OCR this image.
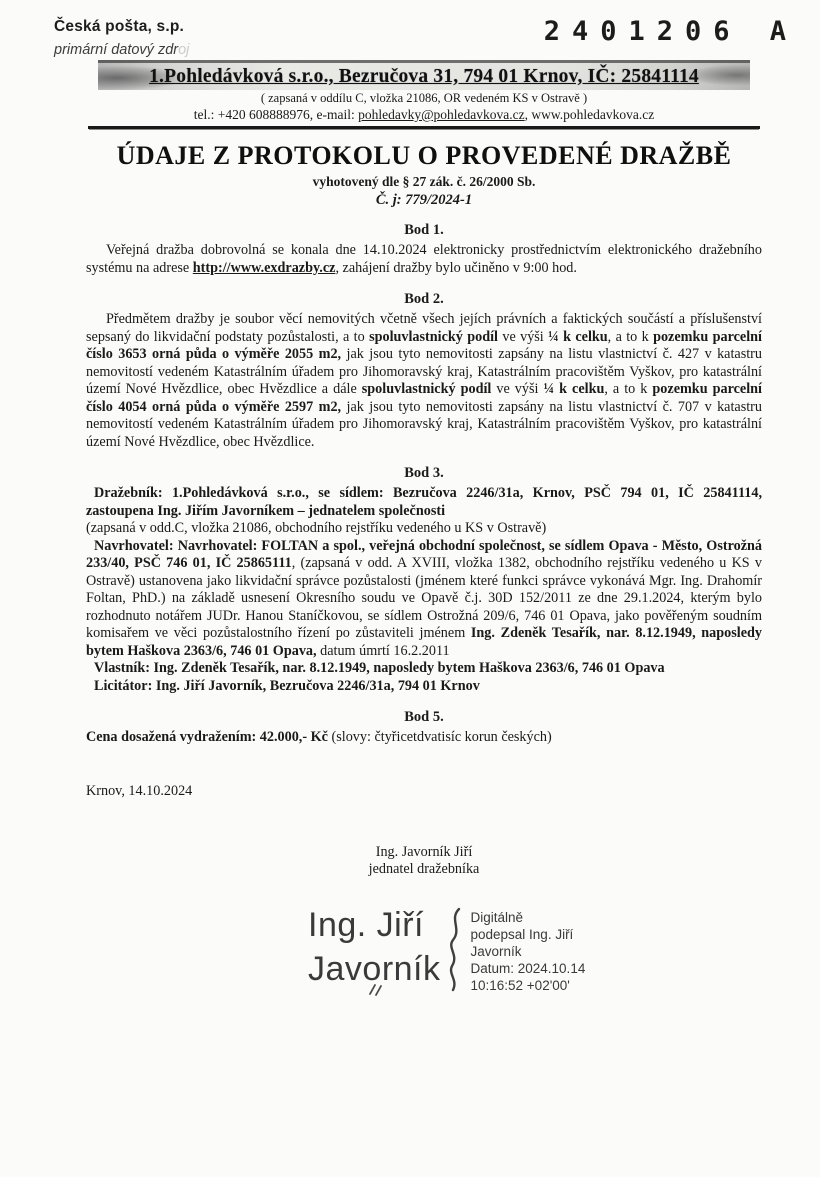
Česká pošta, s.p.
primární datový zdroj
2401206 A
1.Pohledávková s.r.o., Bezručova 31, 794 01 Krnov, IČ: 25841114
( zapsaná v oddílu C, vložka 21086, OR vedeném KS v Ostravě )
tel.: +420 608888976, e-mail: pohledavky@pohledavkova.cz, www.pohledavkova.cz
ÚDAJE Z PROTOKOLU O PROVEDENÉ DRAŽBĚ
vyhotovený dle § 27 zák. č. 26/2000 Sb.
Č. j: 779/2024-1
Bod 1.

Veřejná dražba dobrovolná se konala dne 14.10.2024 elektronicky prostřednictvím elektronického dražebního systému na adrese http://www.exdrazby.cz, zahájení dražby bylo učiněno v 9:00 hod.

Bod 2.

Předmětem dražby je soubor věcí nemovitých včetně všech jejích právních a faktických součástí a příslušenství sepsaný do likvidační podstaty pozůstalosti, a to spoluvlastnický podíl ve výši ¼ k celku, a to k pozemku parcelní číslo 3653 orná půda o výměře 2055 m2, jak jsou tyto nemovitosti zapsány na listu vlastnictví č. 427 v katastru nemovitostí vedeném Katastrálním úřadem pro Jihomoravský kraj, Katastrálním pracovištěm Vyškov, pro katastrální území Nové Hvězdlice, obec Hvězdlice a dále spoluvlastnický podíl ve výši ¼ k celku, a to k pozemku parcelní číslo 4054 orná půda o výměře 2597 m2, jak jsou tyto nemovitosti zapsány na listu vlastnictví č. 707 v katastru nemovitostí vedeném Katastrálním úřadem pro Jihomoravský kraj, Katastrálním pracovištěm Vyškov, pro katastrální území Nové Hvězdlice, obec Hvězdlice.

Bod 3.

Dražebník: 1.Pohledávková s.r.o., se sídlem: Bezručova 2246/31a, Krnov, PSČ 794 01, IČ 25841114, zastoupena Ing. Jiřím Javorníkem – jednatelem společnosti

(zapsaná v odd.C, vložka 21086, obchodního rejstříku vedeného u KS v Ostravě)

Navrhovatel: Navrhovatel: FOLTAN a spol., veřejná obchodní společnost, se sídlem Opava - Město, Ostrožná 233/40, PSČ 746 01, IČ 25865111, (zapsaná v odd. A XVIII, vložka 1382, obchodního rejstříku vedeného u KS v Ostravě) ustanovena jako likvidační správce pozůstalosti (jménem které funkci správce vykonává Mgr. Ing. Drahomír Foltan, PhD.) na základě usnesení Okresního soudu ve Opavě č.j. 30D 152/2011 ze dne 29.1.2024, kterým bylo rozhodnuto notářem JUDr. Hanou Staníčkovou, se sídlem Ostrožná 209/6, 746 01 Opava, jako pověřeným soudním komisařem ve věci pozůstalostního řízení po zůstaviteli jménem Ing. Zdeněk Tesařík, nar. 8.12.1949, naposledy bytem Haškova 2363/6, 746 01 Opava, datum úmrtí 16.2.2011

Vlastník: Ing. Zdeněk Tesařík, nar. 8.12.1949, naposledy bytem Haškova 2363/6, 746 01 Opava

Licitátor: Ing. Jiří Javorník, Bezručova 2246/31a, 794 01 Krnov

Bod 5.

Cena dosažená vydražením: 42.000,- Kč (slovy: čtyřicetdvatisíc korun českých)

Krnov, 14.10.2024

Ing. Javorník Jiří
jednatel dražebníka
Ing. Jiří
Javorník
Digitálně
podepsal Ing. Jiří
Javorník
Datum: 2024.10.14
10:16:52 +02'00'
